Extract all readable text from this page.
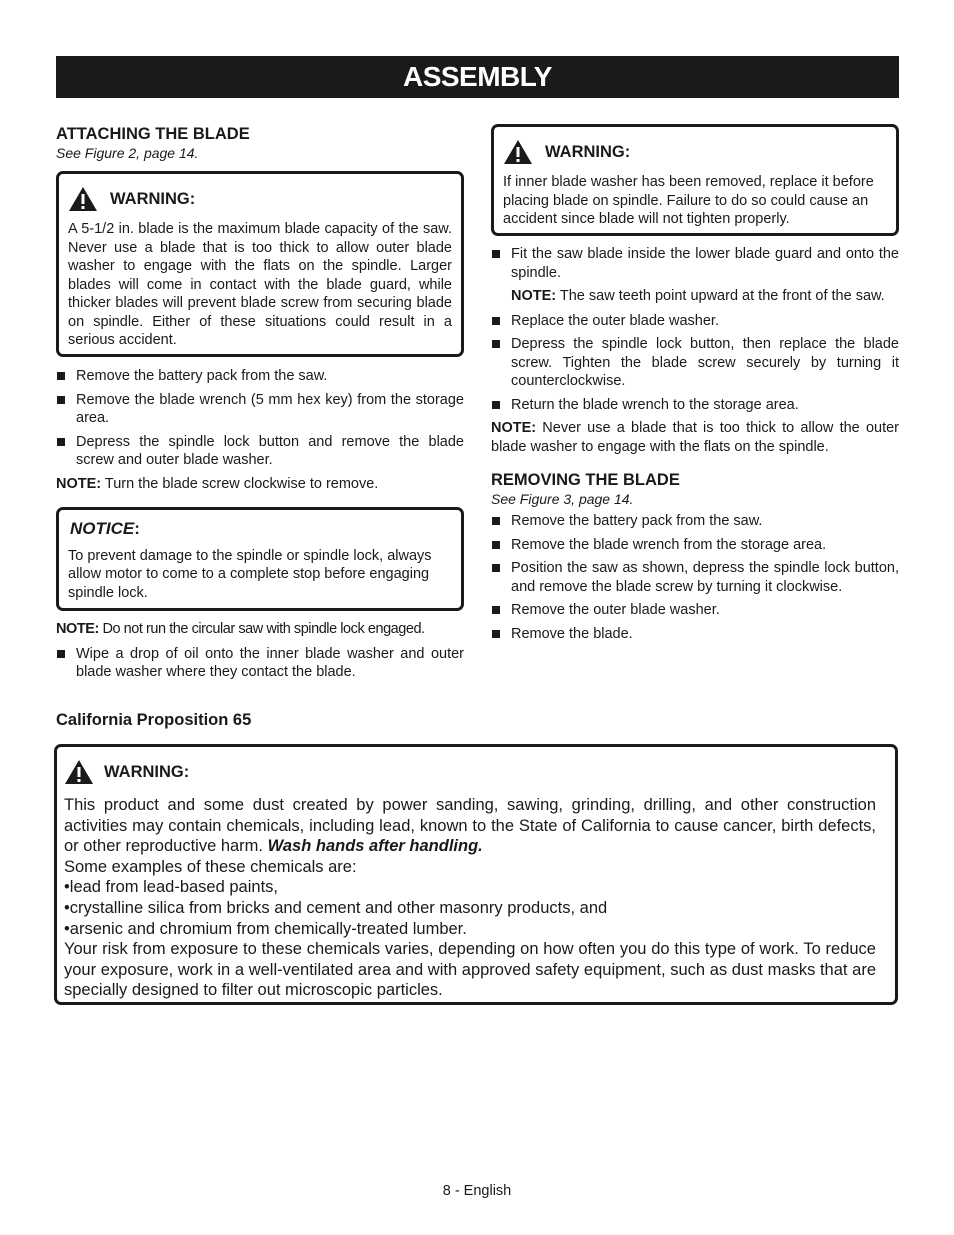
ASSEMBLY

ATTACHING THE BLADE

See Figure 2, page 14.

WARNING:

A 5-1/2 in. blade is the maximum blade capacity of the saw. Never use a blade that is too thick to allow outer blade washer to engage with the flats on the spindle. Larger blades will come in contact with the blade guard, while thicker blades will prevent blade screw from securing blade on spindle. Either of these situations could result in a serious accident.

Remove the battery pack from the saw.
Remove the blade wrench (5 mm hex key) from the storage area.
Depress the spindle lock button and remove the blade screw and outer blade washer.

NOTE: Turn the blade screw clockwise to remove.

NOTICE:

To prevent damage to the spindle or spindle lock, always allow motor to come to a complete stop before engaging spindle lock.

NOTE: Do not run the circular saw with spindle lock engaged.

Wipe a drop of oil onto the inner blade washer and outer blade washer where they contact the blade.
WARNING:

If inner blade washer has been removed, replace it before placing blade on spindle. Failure to do so could cause an accident since blade will not tighten properly.

Fit the saw blade inside the lower blade guard and onto the spindle.
NOTE: The saw teeth point upward at the front of the saw.
Replace the outer blade washer.
Depress the spindle lock button, then replace the blade screw. Tighten the blade screw securely by turning it counterclockwise.
Return the blade wrench to the storage area.

NOTE: Never use a blade that is too thick to allow the outer blade washer to engage with the flats on the spindle.

REMOVING THE BLADE

See Figure 3, page 14.

Remove the battery pack from the saw.
Remove the blade wrench from the storage area.
Position the saw as shown, depress the spindle lock button, and remove the blade screw by turning it clockwise.
Remove the outer blade washer.
Remove the blade.
California Proposition 65
WARNING:

This product and some dust created by power sanding, sawing, grinding, drilling, and other construction activities may contain chemicals, including lead, known to the State of California to cause cancer, birth defects, or other reproductive harm. Wash hands after handling.

Some examples of these chemicals are:

•lead from lead-based paints,

•crystalline silica from bricks and cement and other masonry products, and

•arsenic and chromium from chemically-treated lumber.

Your risk from exposure to these chemicals varies, depending on how often you do this type of work. To reduce your exposure, work in a well-ventilated area and with approved safety equipment, such as dust masks that are specially designed to filter out microscopic particles.

8 - English
